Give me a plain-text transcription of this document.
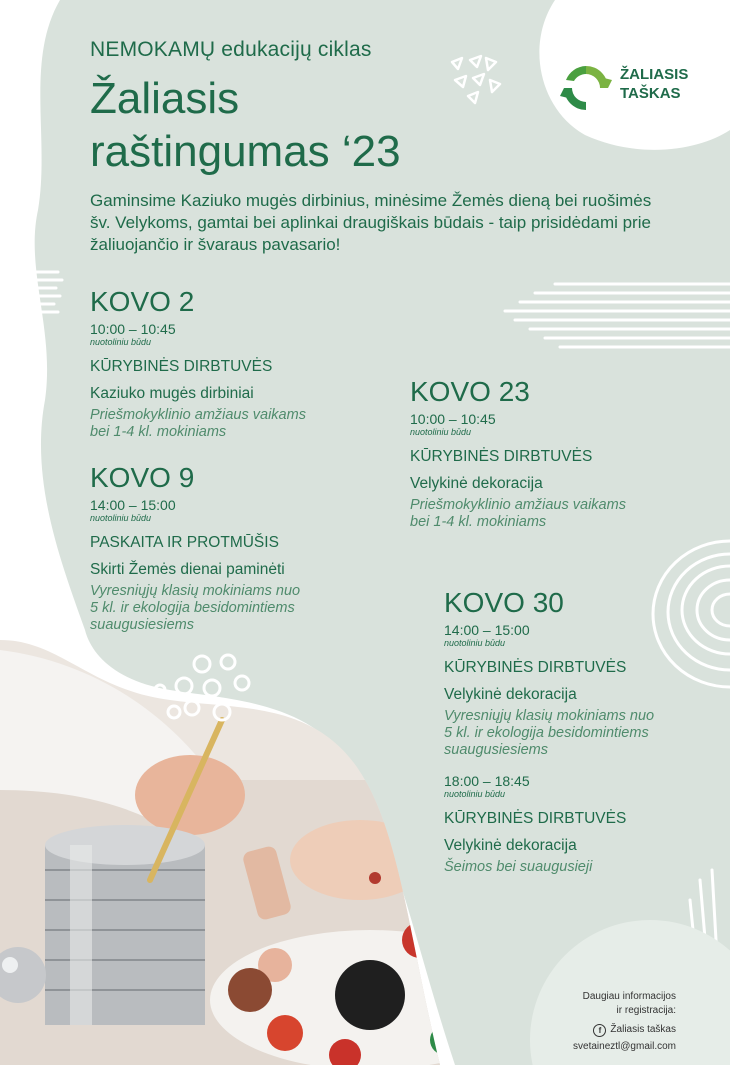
NEMOKAMŲ edukacijų ciklas
Žaliasis
raštingumas ‘23
ŽALIASIS
TAŠKAS

Gaminsime Kaziuko mugės dirbinius, minėsime Žemės dieną bei ruošimės šv. Velykoms, gamtai bei aplinkai draugiškais būdais - taip prisidėdami prie žaliuojančio ir švaraus pavasario!

KOVO 2
10:00 – 10:45
nuotoliniu būdu
KŪRYBINĖS DIRBTUVĖS
Kaziuko mugės dirbiniai
Priešmokyklinio amžiaus vaikams
bei 1-4 kl. mokiniams
KOVO 9
14:00 – 15:00
nuotoliniu būdu
PASKAITA IR PROTMŪŠIS
Skirti Žemės dienai paminėti
Vyresniųjų klasių mokiniams nuo
5 kl. ir ekologija besidomintiems
suaugusiesiems
KOVO 23
10:00 – 10:45
nuotoliniu būdu
KŪRYBINĖS DIRBTUVĖS
Velykinė dekoracija
Priešmokyklinio amžiaus vaikams
bei 1-4 kl. mokiniams
KOVO 30
14:00 – 15:00
nuotoliniu būdu
KŪRYBINĖS DIRBTUVĖS
Velykinė dekoracija
Vyresniųjų klasių mokiniams nuo
5 kl. ir ekologija besidomintiems
suaugusiesiems
18:00 – 18:45
nuotoliniu būdu
KŪRYBINĖS DIRBTUVĖS
Velykinė dekoracija
Šeimos bei suaugusieji
Daugiau informacijos
ir registracija:
f Žaliasis taškas
svetaineztl@gmail.com
